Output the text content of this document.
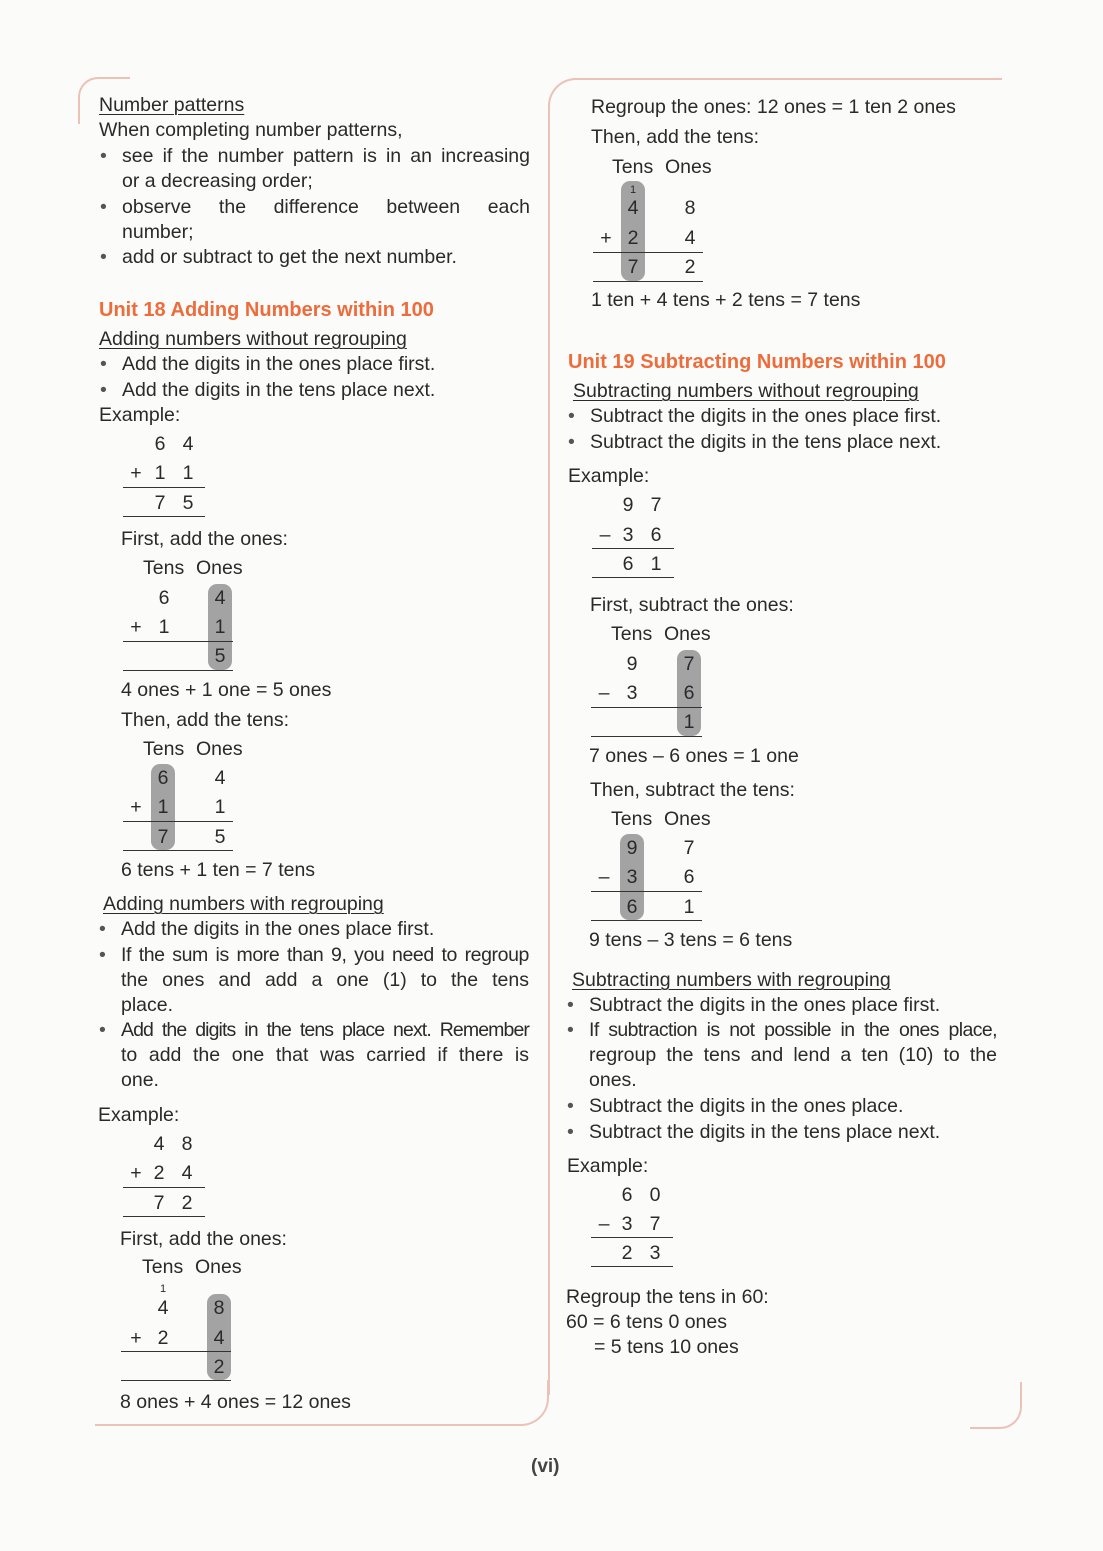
Number patterns
When completing number patterns,
• see if the number pattern is in an increasing
or a decreasing order;
• observe the difference between each
number;
• add or subtract to get the next number.
Unit 18 Adding Numbers within 100
Adding numbers without regrouping
• Add the digits in the ones place first.
• Add the digits in the tens place next.
Example:
6 4
+ 1 1
7 5
First, add the ones:
Tens Ones
6 4
+ 1 1
5
4 ones + 1 one = 5 ones
Then, add the tens:
Tens Ones
6 4
+ 1 1
7 5
6 tens + 1 ten = 7 tens
Adding numbers with regrouping
• Add the digits in the ones place first.
• If the sum is more than 9, you need to regroup
the ones and add a one (1) to the tens
place.
• Add the digits in the tens place next. Remember
to add the one that was carried if there is
one.
Example:
4 8
+ 2 4
7 2
First, add the ones:
Tens Ones
1
4 8
+ 2 4
2
8 ones + 4 ones = 12 ones
Regroup the ones: 12 ones = 1 ten 2 ones
Then, add the tens:
Tens Ones
1
4 8
+ 2 4
7 2
1 ten + 4 tens + 2 tens = 7 tens
Unit 19 Subtracting Numbers within 100
Subtracting numbers without regrouping
• Subtract the digits in the ones place first.
• Subtract the digits in the tens place next.
Example:
9 7
– 3 6
6 1
First, subtract the ones:
Tens Ones
9 7
– 3 6
1
7 ones – 6 ones = 1 one
Then, subtract the tens:
Tens Ones
9 7
– 3 6
6 1
9 tens – 3 tens = 6 tens
Subtracting numbers with regrouping
• Subtract the digits in the ones place first.
• If subtraction is not possible in the ones place,
regroup the tens and lend a ten (10) to the
ones.
• Subtract the digits in the ones place.
• Subtract the digits in the tens place next.
Example:
6 0
– 3 7
2 3
Regroup the tens in 60:
60 = 6 tens 0 ones
= 5 tens 10 ones
(vi)
